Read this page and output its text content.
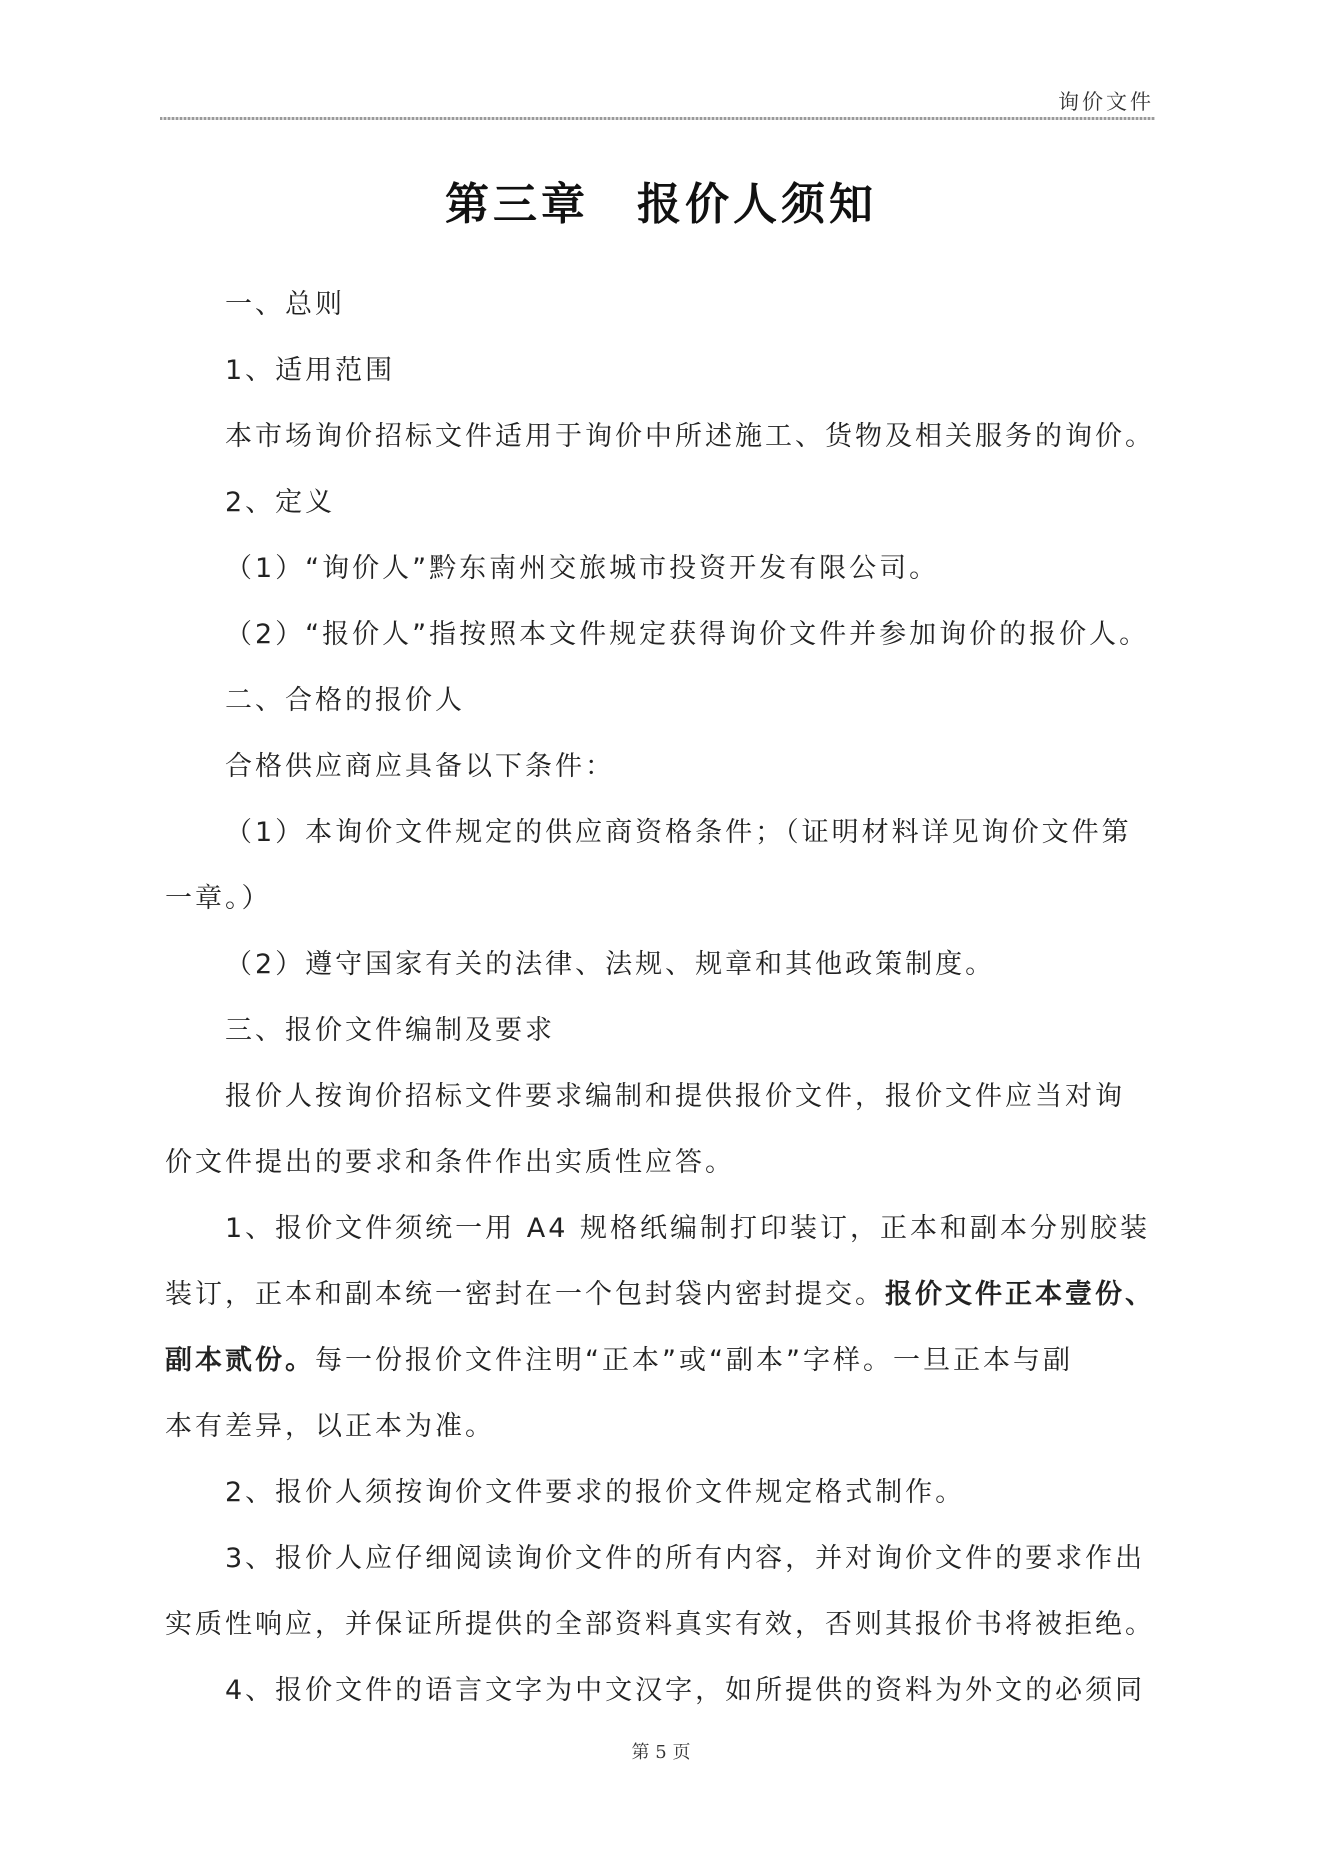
询价文件
第三章　报价人须知

一、总则

1、适用范围

本市场询价招标文件适用于询价中所述施工、货物及相关服务的询价。

2、定义

（1）“询价人”黔东南州交旅城市投资开发有限公司。

（2）“报价人”指按照本文件规定获得询价文件并参加询价的报价人。

二、合格的报价人

合格供应商应具备以下条件：

（1）本询价文件规定的供应商资格条件；（证明材料详见询价文件第

一章。）

（2）遵守国家有关的法律、法规、规章和其他政策制度。

三、报价文件编制及要求

报价人按询价招标文件要求编制和提供报价文件，报价文件应当对询

价文件提出的要求和条件作出实质性应答。

1、报价文件须统一用 A4 规格纸编制打印装订，正本和副本分别胶装

装订，正本和副本统一密封在一个包封袋内密封提交。报价文件正本壹份、

副本贰份。每一份报价文件注明“正本”或“副本”字样。一旦正本与副

本有差异，以正本为准。

2、报价人须按询价文件要求的报价文件规定格式制作。

3、报价人应仔细阅读询价文件的所有内容，并对询价文件的要求作出

实质性响应，并保证所提供的全部资料真实有效，否则其报价书将被拒绝。

4、报价文件的语言文字为中文汉字，如所提供的资料为外文的必须同

第 5 页
